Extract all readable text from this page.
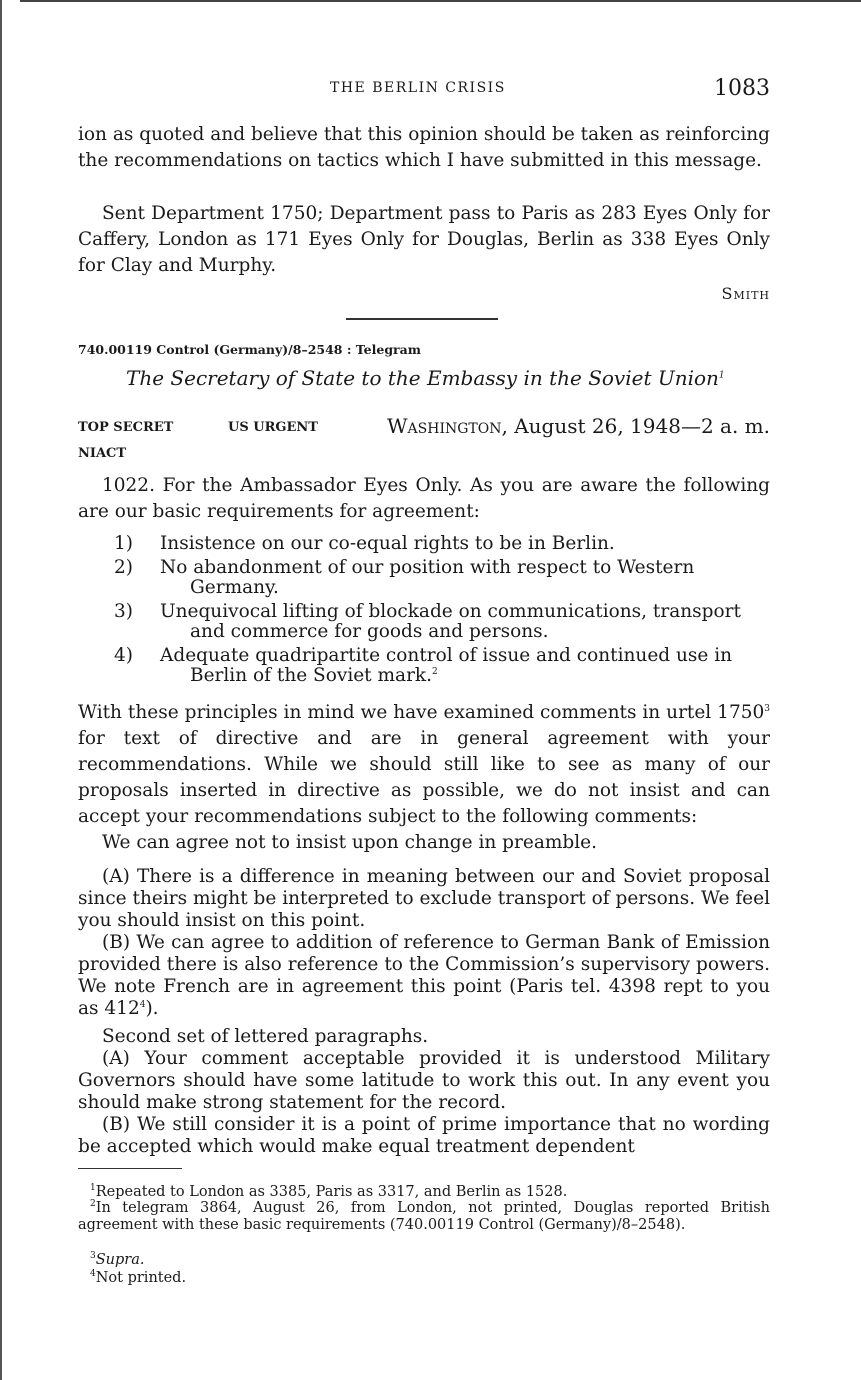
THE BERLIN CRISIS	1083

ion as quoted and believe that this opinion should be taken as reinforcing the recommendations on tactics which I have submitted in this message.

Sent Department 1750; Department pass to Paris as 283 Eyes Only for Caffery, London as 171 Eyes Only for Douglas, Berlin as 338 Eyes Only for Clay and Murphy.

Smith
740.00119 Control (Germany)/8–2548 : Telegram
The Secretary of State to the Embassy in the Soviet Union$^1$
TOP SECRET	US URGENT
NIACT
Washington, August 26, 1948—2 a. m.

1022. For the Ambassador Eyes Only. As you are aware the following are our basic requirements for agreement:

1) Insistence on our co-equal rights to be in Berlin.
2) No abandonment of our position with respect to Western
Germany.
3) Unequivocal lifting of blockade on communications, transport
and commerce for goods and persons.
4) Adequate quadripartite control of issue and continued use in
Berlin of the Soviet mark.$^2$

With these principles in mind we have examined comments in urtel 1750$^3$ for text of directive and are in general agreement with your recommendations. While we should still like to see as many of our proposals inserted in directive as possible, we do not insist and can accept your recommendations subject to the following comments:

We can agree not to insist upon change in preamble.

(A) There is a difference in meaning between our and Soviet proposal since theirs might be interpreted to exclude transport of persons. We feel you should insist on this point.

(B) We can agree to addition of reference to German Bank of Emission provided there is also reference to the Commission’s supervisory powers. We note French are in agreement this point (Paris tel. 4398 rept to you as $412^4$).

Second set of lettered paragraphs.

(A) Your comment acceptable provided it is understood Military Governors should have some latitude to work this out. In any event you should make strong statement for the record.

(B) We still consider it is a point of prime importance that no wording be accepted which would make equal treatment dependent

$^1$Repeated to London as 3385, Paris as 3317, and Berlin as 1528.
$^2$In telegram 3864, August 26, from London, not printed, Douglas reported British agreement with these basic requirements (740.00119 Control (Germany)/8–2548).
$^3$Supra.
$^4$Not printed.
